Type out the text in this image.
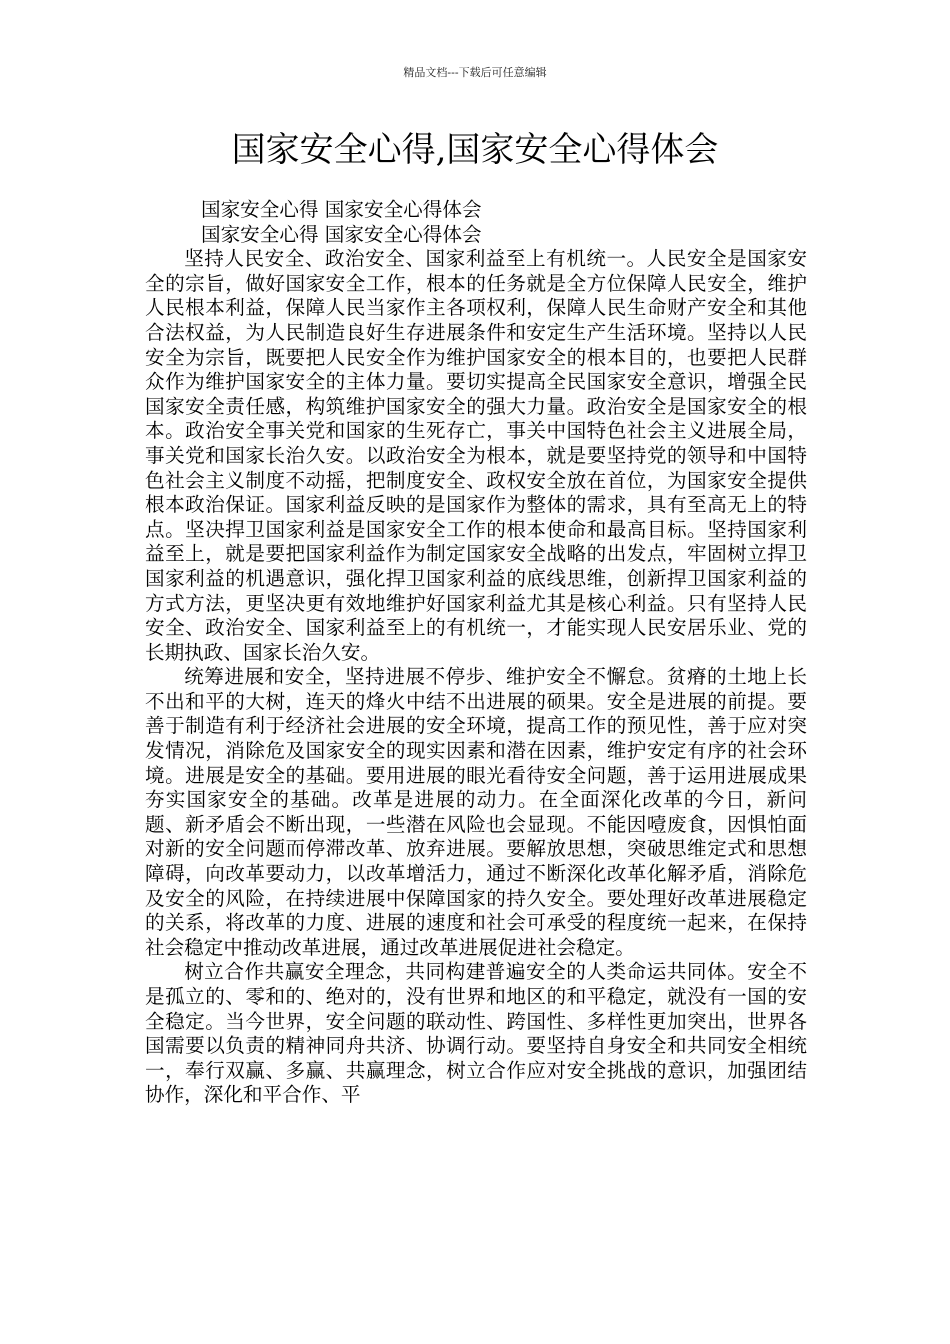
精品文档---下载后可任意编辑
国家安全心得,国家安全心得体会

国家安全心得 国家安全心得体会

国家安全心得 国家安全心得体会

坚持人民安全、政治安全、国家利益至上有机统一。人民安全是国家安全的宗旨，做好国家安全工作，根本的任务就是全方位保障人民安全，维护人民根本利益，保障人民当家作主各项权利，保障人民生命财产安全和其他合法权益，为人民制造良好生存进展条件和安定生产生活环境。坚持以人民安全为宗旨，既要把人民安全作为维护国家安全的根本目的，也要把人民群众作为维护国家安全的主体力量。要切实提高全民国家安全意识，增强全民国家安全责任感，构筑维护国家安全的强大力量。政治安全是国家安全的根本。政治安全事关党和国家的生死存亡，事关中国特色社会主义进展全局，事关党和国家长治久安。以政治安全为根本，就是要坚持党的领导和中国特色社会主义制度不动摇，把制度安全、政权安全放在首位，为国家安全提供根本政治保证。国家利益反映的是国家作为整体的需求，具有至高无上的特点。坚决捍卫国家利益是国家安全工作的根本使命和最高目标。坚持国家利益至上，就是要把国家利益作为制定国家安全战略的出发点，牢固树立捍卫国家利益的机遇意识，强化捍卫国家利益的底线思维，创新捍卫国家利益的方式方法，更坚决更有效地维护好国家利益尤其是核心利益。只有坚持人民安全、政治安全、国家利益至上的有机统一，才能实现人民安居乐业、党的长期执政、国家长治久安。

统筹进展和安全，坚持进展不停步、维护安全不懈怠。贫瘠的土地上长不出和平的大树，连天的烽火中结不出进展的硕果。安全是进展的前提。要善于制造有利于经济社会进展的安全环境，提高工作的预见性，善于应对突发情况，消除危及国家安全的现实因素和潜在因素，维护安定有序的社会环境。进展是安全的基础。要用进展的眼光看待安全问题，善于运用进展成果夯实国家安全的基础。改革是进展的动力。在全面深化改革的今日，新问题、新矛盾会不断出现，一些潜在风险也会显现。不能因噎废食，因惧怕面对新的安全问题而停滞改革、放弃进展。要解放思想，突破思维定式和思想障碍，向改革要动力，以改革增活力，通过不断深化改革化解矛盾，消除危及安全的风险，在持续进展中保障国家的持久安全。要处理好改革进展稳定的关系，将改革的力度、进展的速度和社会可承受的程度统一起来，在保持社会稳定中推动改革进展，通过改革进展促进社会稳定。

树立合作共赢安全理念，共同构建普遍安全的人类命运共同体。安全不是孤立的、零和的、绝对的，没有世界和地区的和平稳定，就没有一国的安全稳定。当今世界，安全问题的联动性、跨国性、多样性更加突出，世界各国需要以负责的精神同舟共济、协调行动。要坚持自身安全和共同安全相统一，奉行双赢、多赢、共赢理念，树立合作应对安全挑战的意识，加强团结协作，深化和平合作、平
